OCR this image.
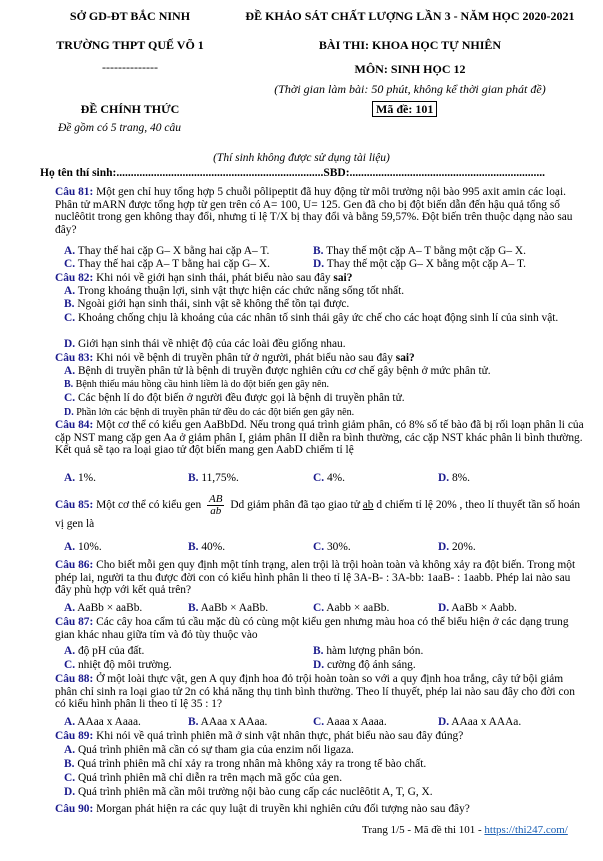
SỞ GD-ĐT BẮC NINH
TRƯỜNG THPT QUẾ VÕ 1
--------------
ĐỀ KHẢO SÁT CHẤT LƯỢNG LẦN 3 - NĂM HỌC 2020-2021
BÀI THI: KHOA HỌC TỰ NHIÊN
MÔN: SINH HỌC 12
(Thời gian làm bài: 50 phút, không kể thời gian phát đề)
ĐỀ CHÍNH THỨC	Mã đề: 101
Đề gồm có 5 trang, 40 câu
(Thí sinh không được sử dụng tài liệu)
Họ tên thí sinh:........................................................................SBD:....................................................................
Câu 81: Một gen chỉ huy tổng hợp 5 chuỗi pôlipeptit đã huy động từ môi trường nội bào 995 axit amin các loại. Phân tử mARN được tổng hợp từ gen trên có A= 100, U= 125. Gen đã cho bị đột biến dẫn đến hậu quả tổng số nuclêôtit trong gen không thay đổi, nhưng tỉ lệ T/X bị thay đổi và bằng 59,57%. Đột biến trên thuộc dạng nào sau đây?
A. Thay thế hai cặp G– X bằng hai cặp A– T.	B. Thay thế một cặp A– T bằng một cặp G– X.
C. Thay thế hai cặp A– T bằng hai cặp G– X.	D. Thay thế một cặp G– X bằng một cặp A– T.
Câu 82: Khi nói về giới hạn sinh thái, phát biểu nào sau đây sai?
A. Trong khoảng thuận lợi, sinh vật thực hiện các chức năng sống tốt nhất.
B. Ngoài giới hạn sinh thái, sinh vật sẽ không thể tồn tại được.
C. Khoảng chống chịu là khoảng của các nhân tố sinh thái gây ức chế cho các hoạt động sinh lí của sinh vật.
D. Giới hạn sinh thái về nhiệt độ của các loài đều giống nhau.
Câu 83: Khi nói về bệnh di truyền phân tử ở người, phát biểu nào sau đây sai?
A. Bệnh di truyền phân tử là bệnh di truyền được nghiên cứu cơ chế gây bệnh ở mức phân tử.
B. Bệnh thiếu máu hồng cầu hình liềm là do đột biến gen gây nên.
C. Các bệnh lí do đột biến ở người đều được gọi là bệnh di truyền phân tử.
D. Phần lớn các bệnh di truyền phân tử đều do các đột biến gen gây nên.
Câu 84: Một cơ thể có kiểu gen AaBbDd. Nếu trong quá trình giảm phân, có 8% số tế bào đã bị rối loạn phân li của cặp NST mang cặp gen Aa ở giảm phân I, giảm phân II diễn ra bình thường, các cặp NST khác phân li bình thường. Kết quả sẽ tạo ra loại giao tử đột biến mang gen AabD chiếm tỉ lệ
A. 1%.	B. 11,75%.	C. 4%.	D. 8%.
Câu 85: Một cơ thể có kiểu gen $\frac{AB}{ab}$ Dd giảm phân đã tạo giao tử ab d chiếm tỉ lệ 20% , theo lí thuyết tần số hoán vị gen là
A. 10%.	B. 40%.	C. 30%.	D. 20%.
Câu 86: Cho biết mỗi gen quy định một tính trạng, alen trội là trội hoàn toàn và không xảy ra đột biến. Trong một phép lai, người ta thu được đời con có kiểu hình phân li theo tỉ lệ 3A-B- : 3A-bb: 1aaB- : 1aabb. Phép lai nào sau đây phù hợp với kết quả trên?
A. AaBb × aaBb.	B. AaBb × AaBb.	C. Aabb × aaBb.	D. AaBb × Aabb.
Câu 87: Các cây hoa cẩm tú cầu mặc dù có cùng một kiểu gen nhưng màu hoa có thể biểu hiện ở các dạng trung gian khác nhau giữa tím và đỏ tùy thuộc vào
A. độ pH của đất.	B. hàm lượng phân bón.
C. nhiệt độ môi trường.	D. cường độ ánh sáng.
Câu 88: Ở một loài thực vật, gen A quy định hoa đỏ trội hoàn toàn so với a quy định hoa trắng, cây tứ bội giảm phân chỉ sinh ra loại giao tử 2n có khả năng thụ tinh bình thường. Theo lí thuyết, phép lai nào sau đây cho đời con có kiểu hình phân li theo tỉ lệ 35 : 1?
A. AAaa x Aaaa.	B. AAaa x AAaa.	C. Aaaa x Aaaa.	D. AAaa x AAAa.
Câu 89: Khi nói về quá trình phiên mã ở sinh vật nhân thực, phát biểu nào sau đây đúng?
A. Quá trình phiên mã cần có sự tham gia của enzim nối ligaza.
B. Quá trình phiên mã chỉ xảy ra trong nhân mà không xảy ra trong tế bào chất.
C. Quá trình phiên mã chỉ diễn ra trên mạch mã gốc của gen.
D. Quá trình phiên mã cần môi trường nội bào cung cấp các nuclêôtit A, T, G, X.
Câu 90: Morgan phát hiện ra các quy luật di truyền khi nghiên cứu đối tượng nào sau đây?
Trang 1/5 - Mã đề thi 101 - https://thi247.com/
